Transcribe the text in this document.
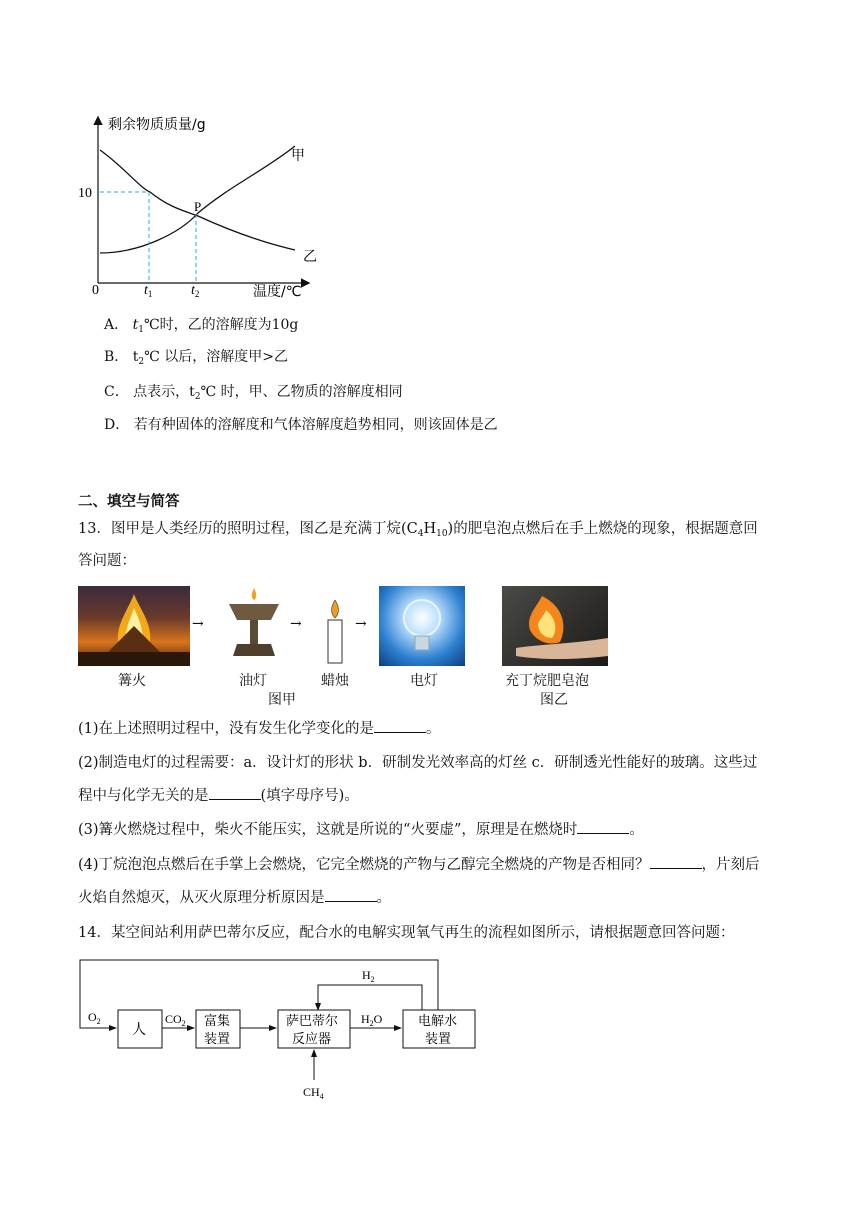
剩余物质质量/g
10
0	$t_1$	$t_2$	温度/℃
P
甲
乙
A． $t_1℃$时，乙的溶解度为10g
B． $t_2℃$ 以后，溶解度甲>乙
C． 点表示，$t_2℃$ 时，甲、乙物质的溶解度相同
D． 若有种固体的溶解度和气体溶解度趋势相同，则该固体是乙
二、填空与简答
13．图甲是人类经历的照明过程，图乙是充满丁烷$(C_4H_{10})$的肥皂泡点燃后在手上燃烧的现象，根据题意回
答问题：
→	→	→
篝火	油灯	蜡烛	电灯	充丁烷肥皂泡
图甲	图乙
(1)在上述照明过程中，没有发生化学变化的是	。
(2)制造电灯的过程需要：a．设计灯的形状 b．研制发光效率高的灯丝 c．研制透光性能好的玻璃。这些过
程中与化学无关的是	(填字母序号)。
(3)篝火燃烧过程中，柴火不能压实，这就是所说的“火要虚”，原理是在燃烧时	。
(4)丁烷泡泡点燃后在手掌上会燃烧，它完全燃烧的产物与乙醇完全燃烧的产物是否相同？	，片刻后
火焰自然熄灭，从灭火原理分析原因是	。
14．某空间站利用萨巴蒂尔反应，配合水的电解实现氧气再生的流程如图所示，请根据题意回答问题：
人
富集
装置
萨巴蒂尔
反应器
电解水
装置
$O_2$	$CO_2$	$H_2O$
$H_2$
$CH_4$
